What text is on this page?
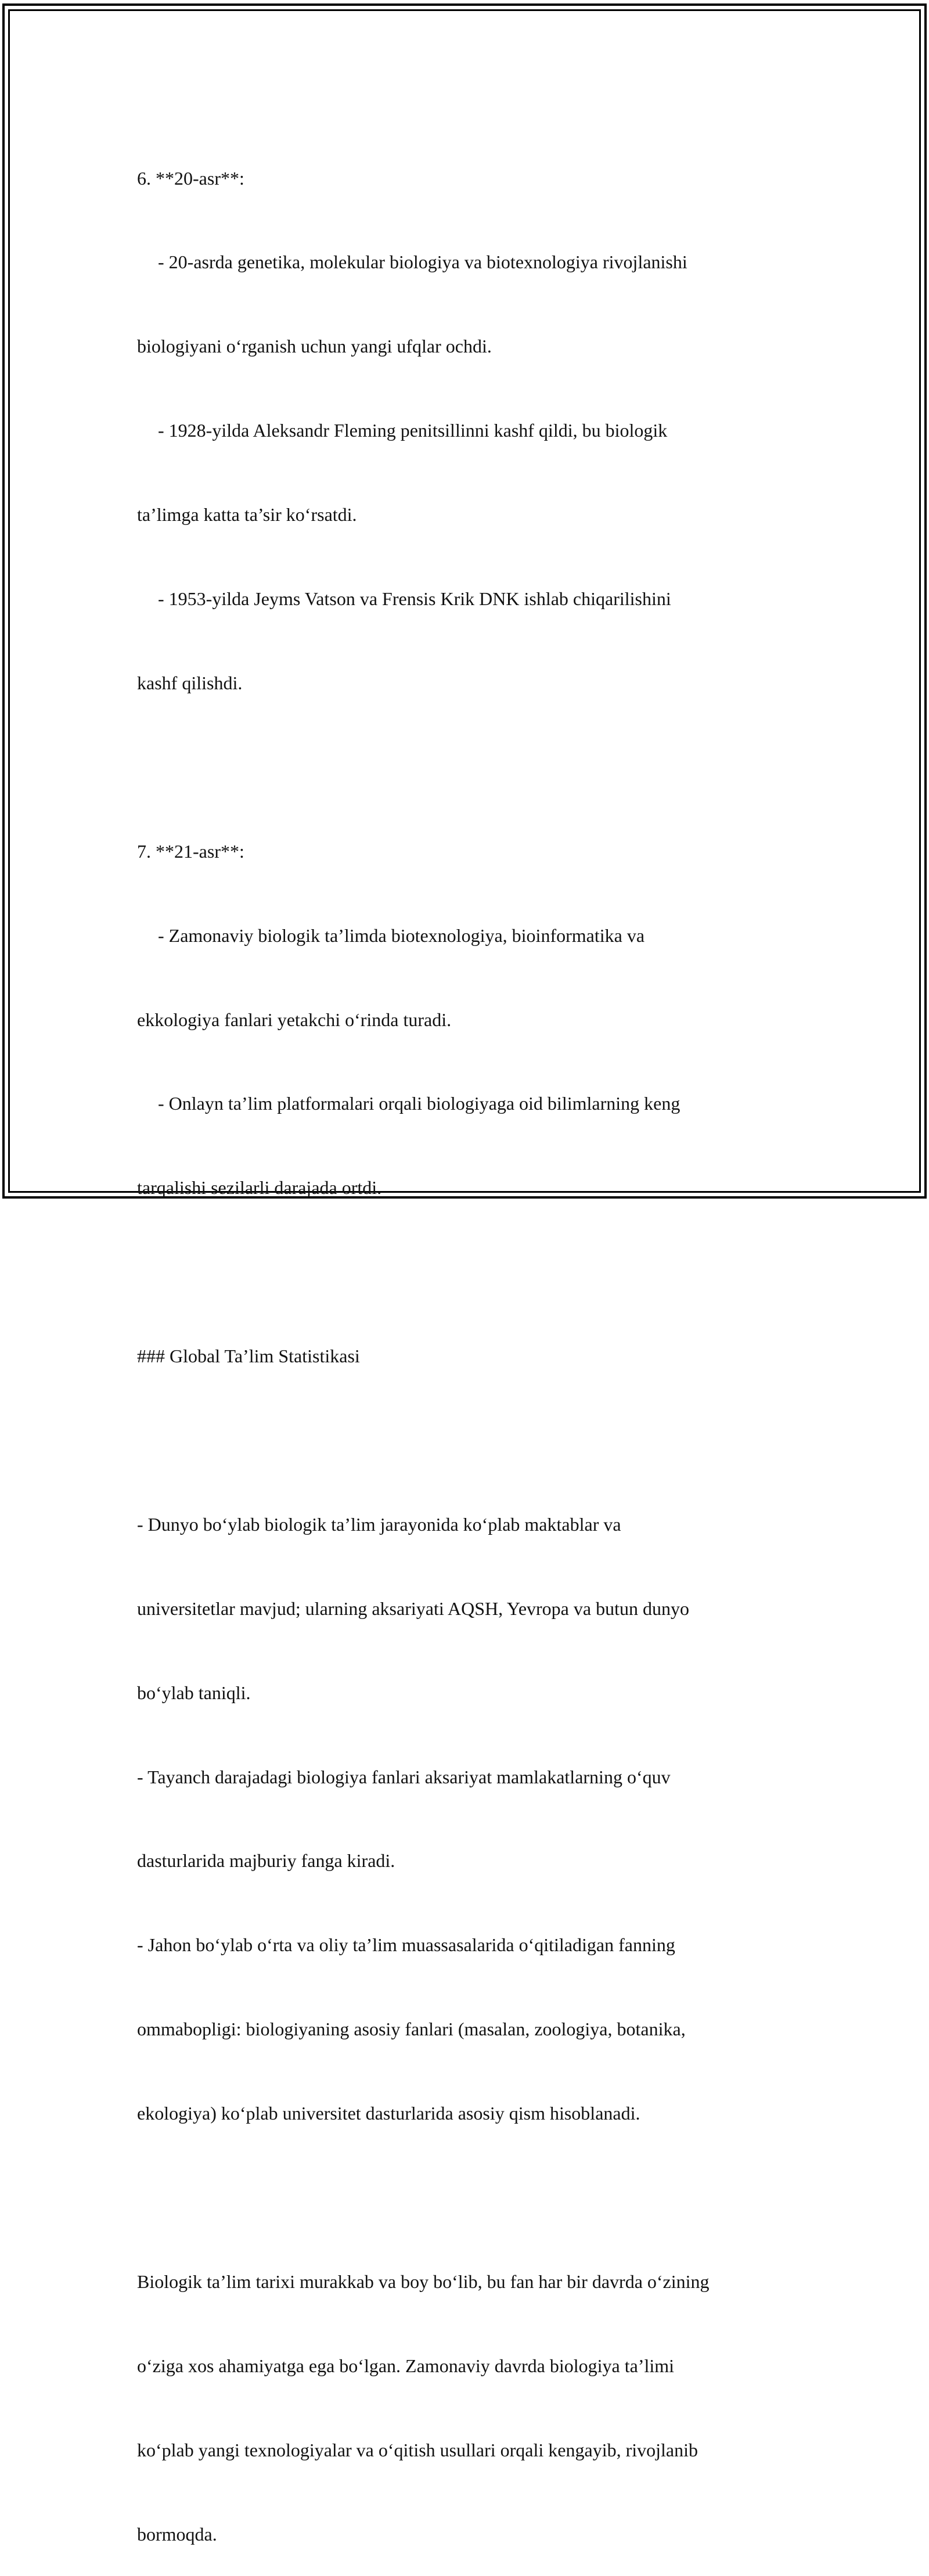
6. **20-asr**:

- 20-asrda genetika, molekular biologiya va biotexnologiya rivojlanishi

biologiyani o‘rganish uchun yangi ufqlar ochdi.

- 1928-yilda Aleksandr Fleming penitsillinni kashf qildi, bu biologik

ta’limga katta ta’sir ko‘rsatdi.

- 1953-yilda Jeyms Vatson va Frensis Krik DNK ishlab chiqarilishini

kashf qilishdi.

7. **21-asr**:

- Zamonaviy biologik ta’limda biotexnologiya, bioinformatika va

ekkologiya fanlari yetakchi o‘rinda turadi.

- Onlayn ta’lim platformalari orqali biologiyaga oid bilimlarning keng

tarqalishi sezilarli darajada ortdi.

### Global Ta’lim Statistikasi

- Dunyo bo‘ylab biologik ta’lim jarayonida ko‘plab maktablar va

universitetlar mavjud; ularning aksariyati AQSH, Yevropa va butun dunyo

bo‘ylab taniqli.

- Tayanch darajadagi biologiya fanlari aksariyat mamlakatlarning o‘quv

dasturlarida majburiy fanga kiradi.

- Jahon bo‘ylab o‘rta va oliy ta’lim muassasalarida o‘qitiladigan fanning

ommabopligi: biologiyaning asosiy fanlari (masalan, zoologiya, botanika,

ekologiya) ko‘plab universitet dasturlarida asosiy qism hisoblanadi.

Biologik ta’lim tarixi murakkab va boy bo‘lib, bu fan har bir davrda o‘zining

o‘ziga xos ahamiyatga ega bo‘lgan. Zamonaviy davrda biologiya ta’limi

ko‘plab yangi texnologiyalar va o‘qitish usullari orqali kengayib, rivojlanib

bormoqda.
